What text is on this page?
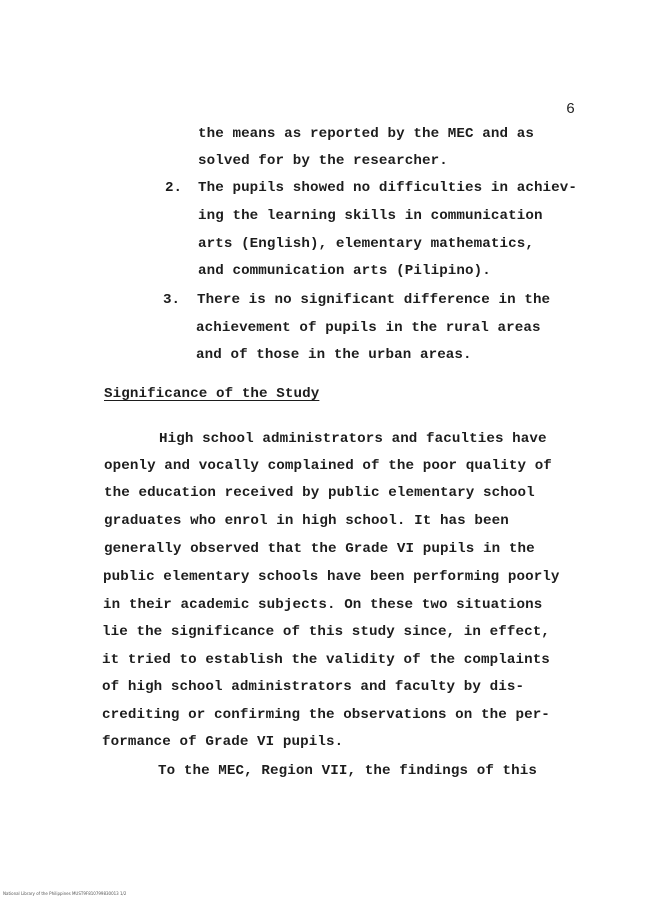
6
the means as reported by the MEC and as
solved for by the researcher.
2. The pupils showed no difficulties in achiev-
ing the learning skills in communication
arts (English), elementary mathematics,
and communication arts (Pilipino).
3. There is no significant difference in the
achievement of pupils in the rural areas
and of those in the urban areas.
Significance of the Study
High school administrators and faculties have
openly and vocally complained of the poor quality of
the education received by public elementary school
graduates who enrol in high school. It has been
generally observed that the Grade VI pupils in the
public elementary schools have been performing poorly
in their academic subjects. On these two situations
lie the significance of this study since, in effect,
it tried to establish the validity of the complaints
of high school administrators and faculty by dis-
crediting or confirming the observations on the per-
formance of Grade VI pupils.
To the MEC, Region VII, the findings of this
National Library of the Philippines MUST9F810799830013 1/2
